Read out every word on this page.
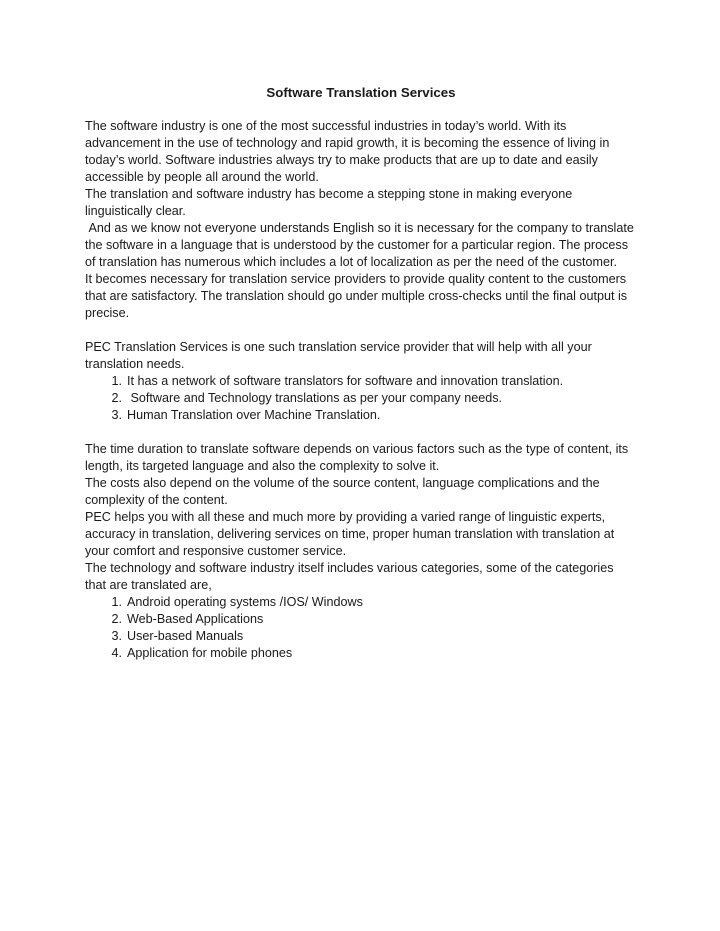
Software Translation Services

The software industry is one of the most successful industries in today’s world. With its advancement in the use of technology and rapid growth, it is becoming the essence of living in today’s world. Software industries always try to make products that are up to date and easily accessible by people all around the world.

The translation and software industry has become a stepping stone in making everyone linguistically clear.

And as we know not everyone understands English so it is necessary for the company to translate the software in a language that is understood by the customer for a particular region. The process of translation has numerous which includes a lot of localization as per the need of the customer.

It becomes necessary for translation service providers to provide quality content to the customers that are satisfactory. The translation should go under multiple cross-checks until the final output is precise.

PEC Translation Services is one such translation service provider that will help with all your translation needs.

1. It has a network of software translators for software and innovation translation.
2. Software and Technology translations as per your company needs.
3. Human Translation over Machine Translation.

The time duration to translate software depends on various factors such as the type of content, its length, its targeted language and also the complexity to solve it.

The costs also depend on the volume of the source content, language complications and the complexity of the content.

PEC helps you with all these and much more by providing a varied range of linguistic experts, accuracy in translation, delivering services on time, proper human translation with translation at your comfort and responsive customer service.

The technology and software industry itself includes various categories, some of the categories that are translated are,

1. Android operating systems /IOS/ Windows
2. Web-Based Applications
3. User-based Manuals
4. Application for mobile phones
